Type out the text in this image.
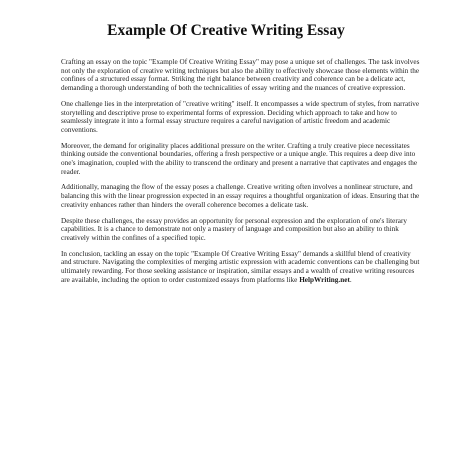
Example Of Creative Writing Essay

Crafting an essay on the topic "Example Of Creative Writing Essay" may pose a unique set of challenges. The task involves not only the exploration of creative writing techniques but also the ability to effectively showcase those elements within the confines of a structured essay format. Striking the right balance between creativity and coherence can be a delicate act, demanding a thorough understanding of both the technicalities of essay writing and the nuances of creative expression.

One challenge lies in the interpretation of "creative writing" itself. It encompasses a wide spectrum of styles, from narrative storytelling and descriptive prose to experimental forms of expression. Deciding which approach to take and how to seamlessly integrate it into a formal essay structure requires a careful navigation of artistic freedom and academic conventions.

Moreover, the demand for originality places additional pressure on the writer. Crafting a truly creative piece necessitates thinking outside the conventional boundaries, offering a fresh perspective or a unique angle. This requires a deep dive into one's imagination, coupled with the ability to transcend the ordinary and present a narrative that captivates and engages the reader.

Additionally, managing the flow of the essay poses a challenge. Creative writing often involves a nonlinear structure, and balancing this with the linear progression expected in an essay requires a thoughtful organization of ideas. Ensuring that the creativity enhances rather than hinders the overall coherence becomes a delicate task.

Despite these challenges, the essay provides an opportunity for personal expression and the exploration of one's literary capabilities. It is a chance to demonstrate not only a mastery of language and composition but also an ability to think creatively within the confines of a specified topic.

In conclusion, tackling an essay on the topic "Example Of Creative Writing Essay" demands a skillful blend of creativity and structure. Navigating the complexities of merging artistic expression with academic conventions can be challenging but ultimately rewarding. For those seeking assistance or inspiration, similar essays and a wealth of creative writing resources are available, including the option to order customized essays from platforms like HelpWriting.net.
